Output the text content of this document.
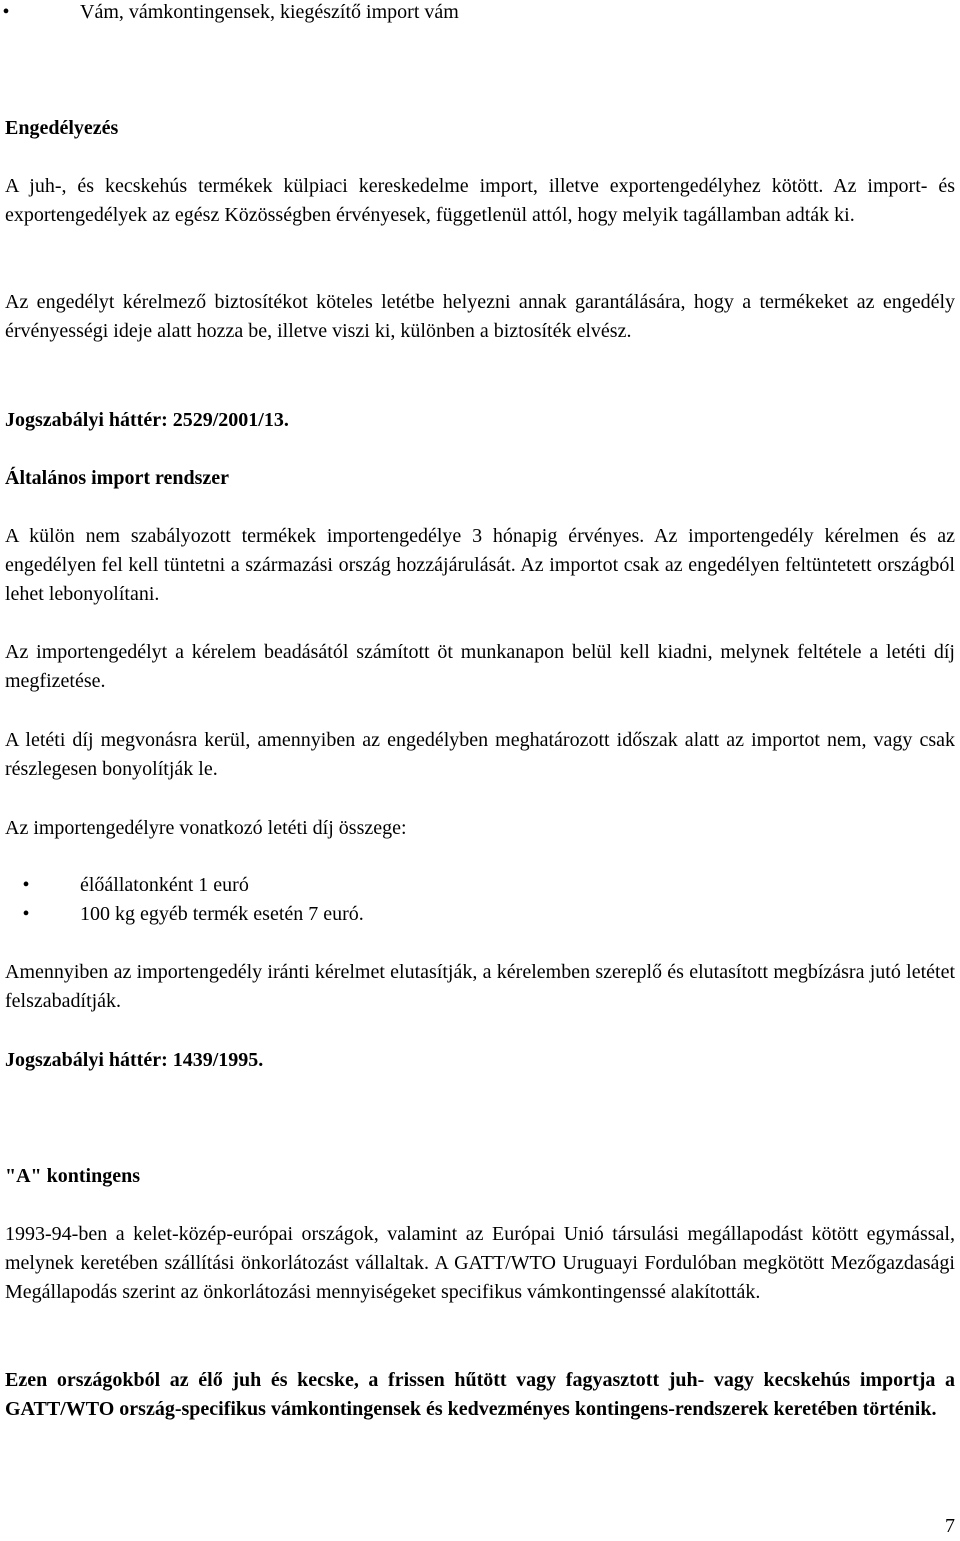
•	Vám, vámkontingensek, kiegészítő import vám

Engedélyezés

A juh-, és kecskehús termékek külpiaci kereskedelme import, illetve exportengedélyhez kötött. Az import- és exportengedélyek az egész Közösségben érvényesek, függetlenül attól, hogy melyik tagállamban adták ki.

Az engedélyt kérelmező biztosítékot köteles letétbe helyezni annak garantálására, hogy a termékeket az engedély érvényességi ideje alatt hozza be, illetve viszi ki, különben a biztosíték elvész.

Jogszabályi háttér: 2529/2001/13.

Általános import rendszer

A külön nem szabályozott termékek importengedélye 3 hónapig érvényes. Az importengedély kérelmen és az engedélyen fel kell tüntetni a származási ország hozzájárulását. Az importot csak az engedélyen feltüntetett országból lehet lebonyolítani.

Az importengedélyt a kérelem beadásától számított öt munkanapon belül kell kiadni, melynek feltétele a letéti díj megfizetése.

A letéti díj megvonásra kerül, amennyiben az engedélyben meghatározott időszak alatt az importot nem, vagy csak részlegesen bonyolítják le.

Az importengedélyre vonatkozó letéti díj összege:

•	élőállatonként 1 euró
•	100 kg egyéb termék esetén 7 euró.

Amennyiben az importengedély iránti kérelmet elutasítják, a kérelemben szereplő és elutasított megbízásra jutó letétet felszabadítják.

Jogszabályi háttér: 1439/1995.

"A" kontingens

1993-94-ben a kelet-közép-európai országok, valamint az Európai Unió társulási megállapodást kötött egymással, melynek keretében szállítási önkorlátozást vállaltak. A GATT/WTO Uruguayi Fordulóban megkötött Mezőgazdasági Megállapodás szerint az önkorlátozási mennyiségeket specifikus vámkontingenssé alakították.

Ezen országokból az élő juh és kecske, a frissen hűtött vagy fagyasztott juh- vagy kecskehús importja a GATT/WTO ország-specifikus vámkontingensek és kedvezményes kontingens-rendszerek keretében történik.

7
